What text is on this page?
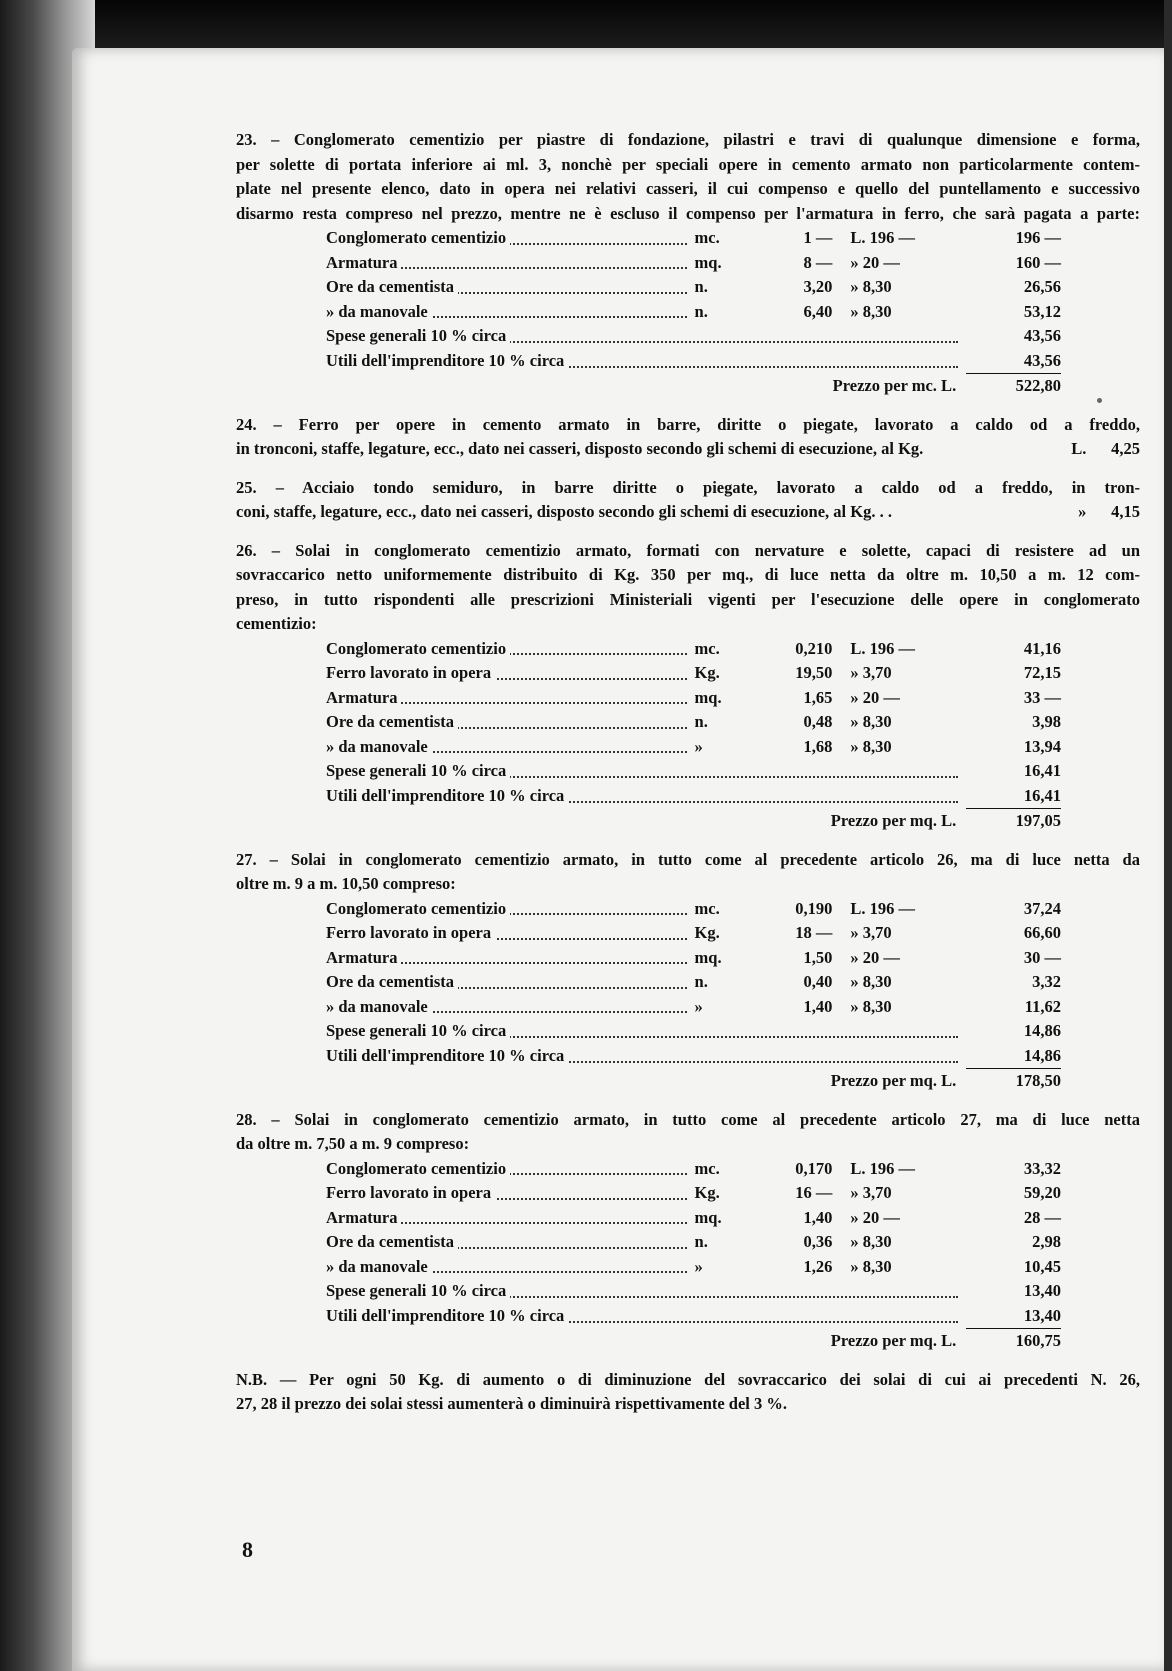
23. – Conglomerato cementizio per piastre di fondazione, pilastri e travi di qualunque dimensione e forma,
per solette di portata inferiore ai ml. 3, nonchè per speciali opere in cemento armato non particolarmente contem-
plate nel presente elenco, dato in opera nei relativi casseri, il cui compenso e quello del puntellamento e successivo
disarmo resta compreso nel prezzo, mentre ne è escluso il compenso per l'armatura in ferro, che sarà pagata a parte:

Conglomerato cementizio	mc.	1 —	L. 196 —	196 —
Armatura	mq.	8 —	» 20 —	160 —
Ore da cementista	n.	3,20	» 8,30	26,56
» da manovale	n.	6,40	» 8,30	53,12
Spese generali 10 % circa				43,56
Utili dell'imprenditore 10 % circa				43,56
Prezzo per mc. L.				522,80

24. – Ferro per opere in cemento armato in barre, diritte o piegate, lavorato a caldo od a freddo,
in tronconi, staffe, legature, ecc., dato nei casseri, disposto secondo gli schemi di esecuzione, al Kg.	L. 4,25

25. – Acciaio tondo semiduro, in barre diritte o piegate, lavorato a caldo od a freddo, in tron-
coni, staffe, legature, ecc., dato nei casseri, disposto secondo gli schemi di esecuzione, al Kg. . .	» 4,15

26. – Solai in conglomerato cementizio armato, formati con nervature e solette, capaci di resistere ad un
sovraccarico netto uniformemente distribuito di Kg. 350 per mq., di luce netta da oltre m. 10,50 a m. 12 com-
preso, in tutto rispondenti alle prescrizioni Ministeriali vigenti per l'esecuzione delle opere in conglomerato
cementizio:

Conglomerato cementizio	mc.	0,210	L. 196 —	41,16
Ferro lavorato in opera	Kg.	19,50	» 3,70	72,15
Armatura	mq.	1,65	» 20 —	33 —
Ore da cementista	n.	0,48	» 8,30	3,98
» da manovale	»	1,68	» 8,30	13,94
Spese generali 10 % circa				16,41
Utili dell'imprenditore 10 % circa				16,41
Prezzo per mq. L.				197,05

27. – Solai in conglomerato cementizio armato, in tutto come al precedente articolo 26, ma di luce netta da
oltre m. 9 a m. 10,50 compreso:

Conglomerato cementizio	mc.	0,190	L. 196 —	37,24
Ferro lavorato in opera	Kg.	18 —	» 3,70	66,60
Armatura	mq.	1,50	» 20 —	30 —
Ore da cementista	n.	0,40	» 8,30	3,32
» da manovale	»	1,40	» 8,30	11,62
Spese generali 10 % circa				14,86
Utili dell'imprenditore 10 % circa				14,86
Prezzo per mq. L.				178,50

28. – Solai in conglomerato cementizio armato, in tutto come al precedente articolo 27, ma di luce netta
da oltre m. 7,50 a m. 9 compreso:

Conglomerato cementizio	mc.	0,170	L. 196 —	33,32
Ferro lavorato in opera	Kg.	16 —	» 3,70	59,20
Armatura	mq.	1,40	» 20 —	28 —
Ore da cementista	n.	0,36	» 8,30	2,98
» da manovale	»	1,26	» 8,30	10,45
Spese generali 10 % circa				13,40
Utili dell'imprenditore 10 % circa				13,40
Prezzo per mq. L.				160,75

N.B. — Per ogni 50 Kg. di aumento o di diminuzione del sovraccarico dei solai di cui ai precedenti N. 26,
27, 28 il prezzo dei solai stessi aumenterà o diminuirà rispettivamente del 3 %.

8
